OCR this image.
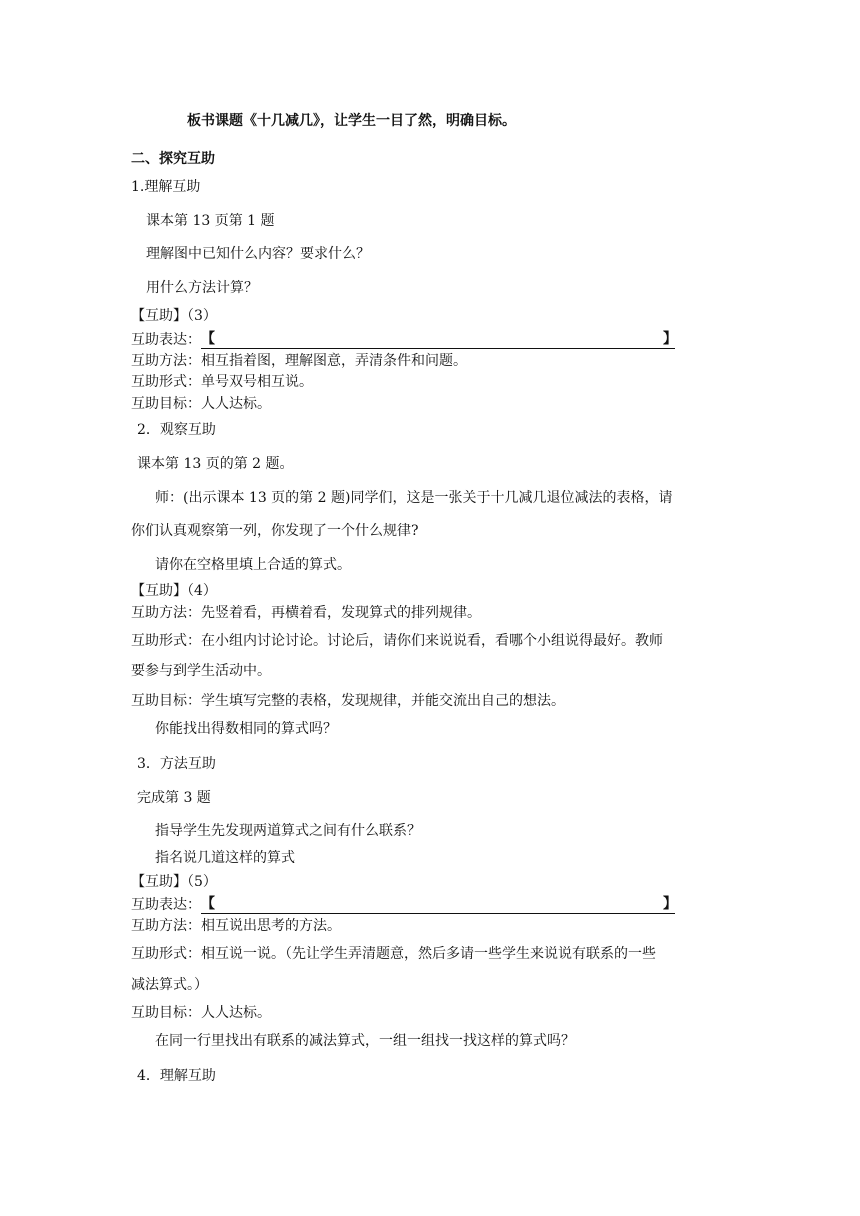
板书课题《十几减几》，让学生一目了然，明确目标。
二、探究互助
1.理解互助
课本第 13 页第 1 题
理解图中已知什么内容？要求什么？
用什么方法计算？
【互助】（3）
互助表达：【	】
互助方法：相互指着图，理解图意，弄清条件和问题。
互助形式：单号双号相互说。
互助目标：人人达标。
2．观察互助
课本第 13 页的第 2 题。
师：(出示课本 13 页的第 2 题)同学们，这是一张关于十几减几退位减法的表格，请
你们认真观察第一列，你发现了一个什么规律?
请你在空格里填上合适的算式。
【互助】（4）
互助方法：先竖着看，再横着看，发现算式的排列规律。
互助形式：在小组内讨论讨论。讨论后，请你们来说说看，看哪个小组说得最好。教师
要参与到学生活动中。
互助目标：学生填写完整的表格，发现规律，并能交流出自己的想法。
你能找出得数相同的算式吗？
3．方法互助
完成第 3 题
指导学生先发现两道算式之间有什么联系？
指名说几道这样的算式
【互助】（5）
互助表达：【	】
互助方法：相互说出思考的方法。
互助形式：相互说一说。（先让学生弄清题意，然后多请一些学生来说说有联系的一些
减法算式。）
互助目标：人人达标。
在同一行里找出有联系的减法算式，一组一组找一找这样的算式吗？
4．理解互助
